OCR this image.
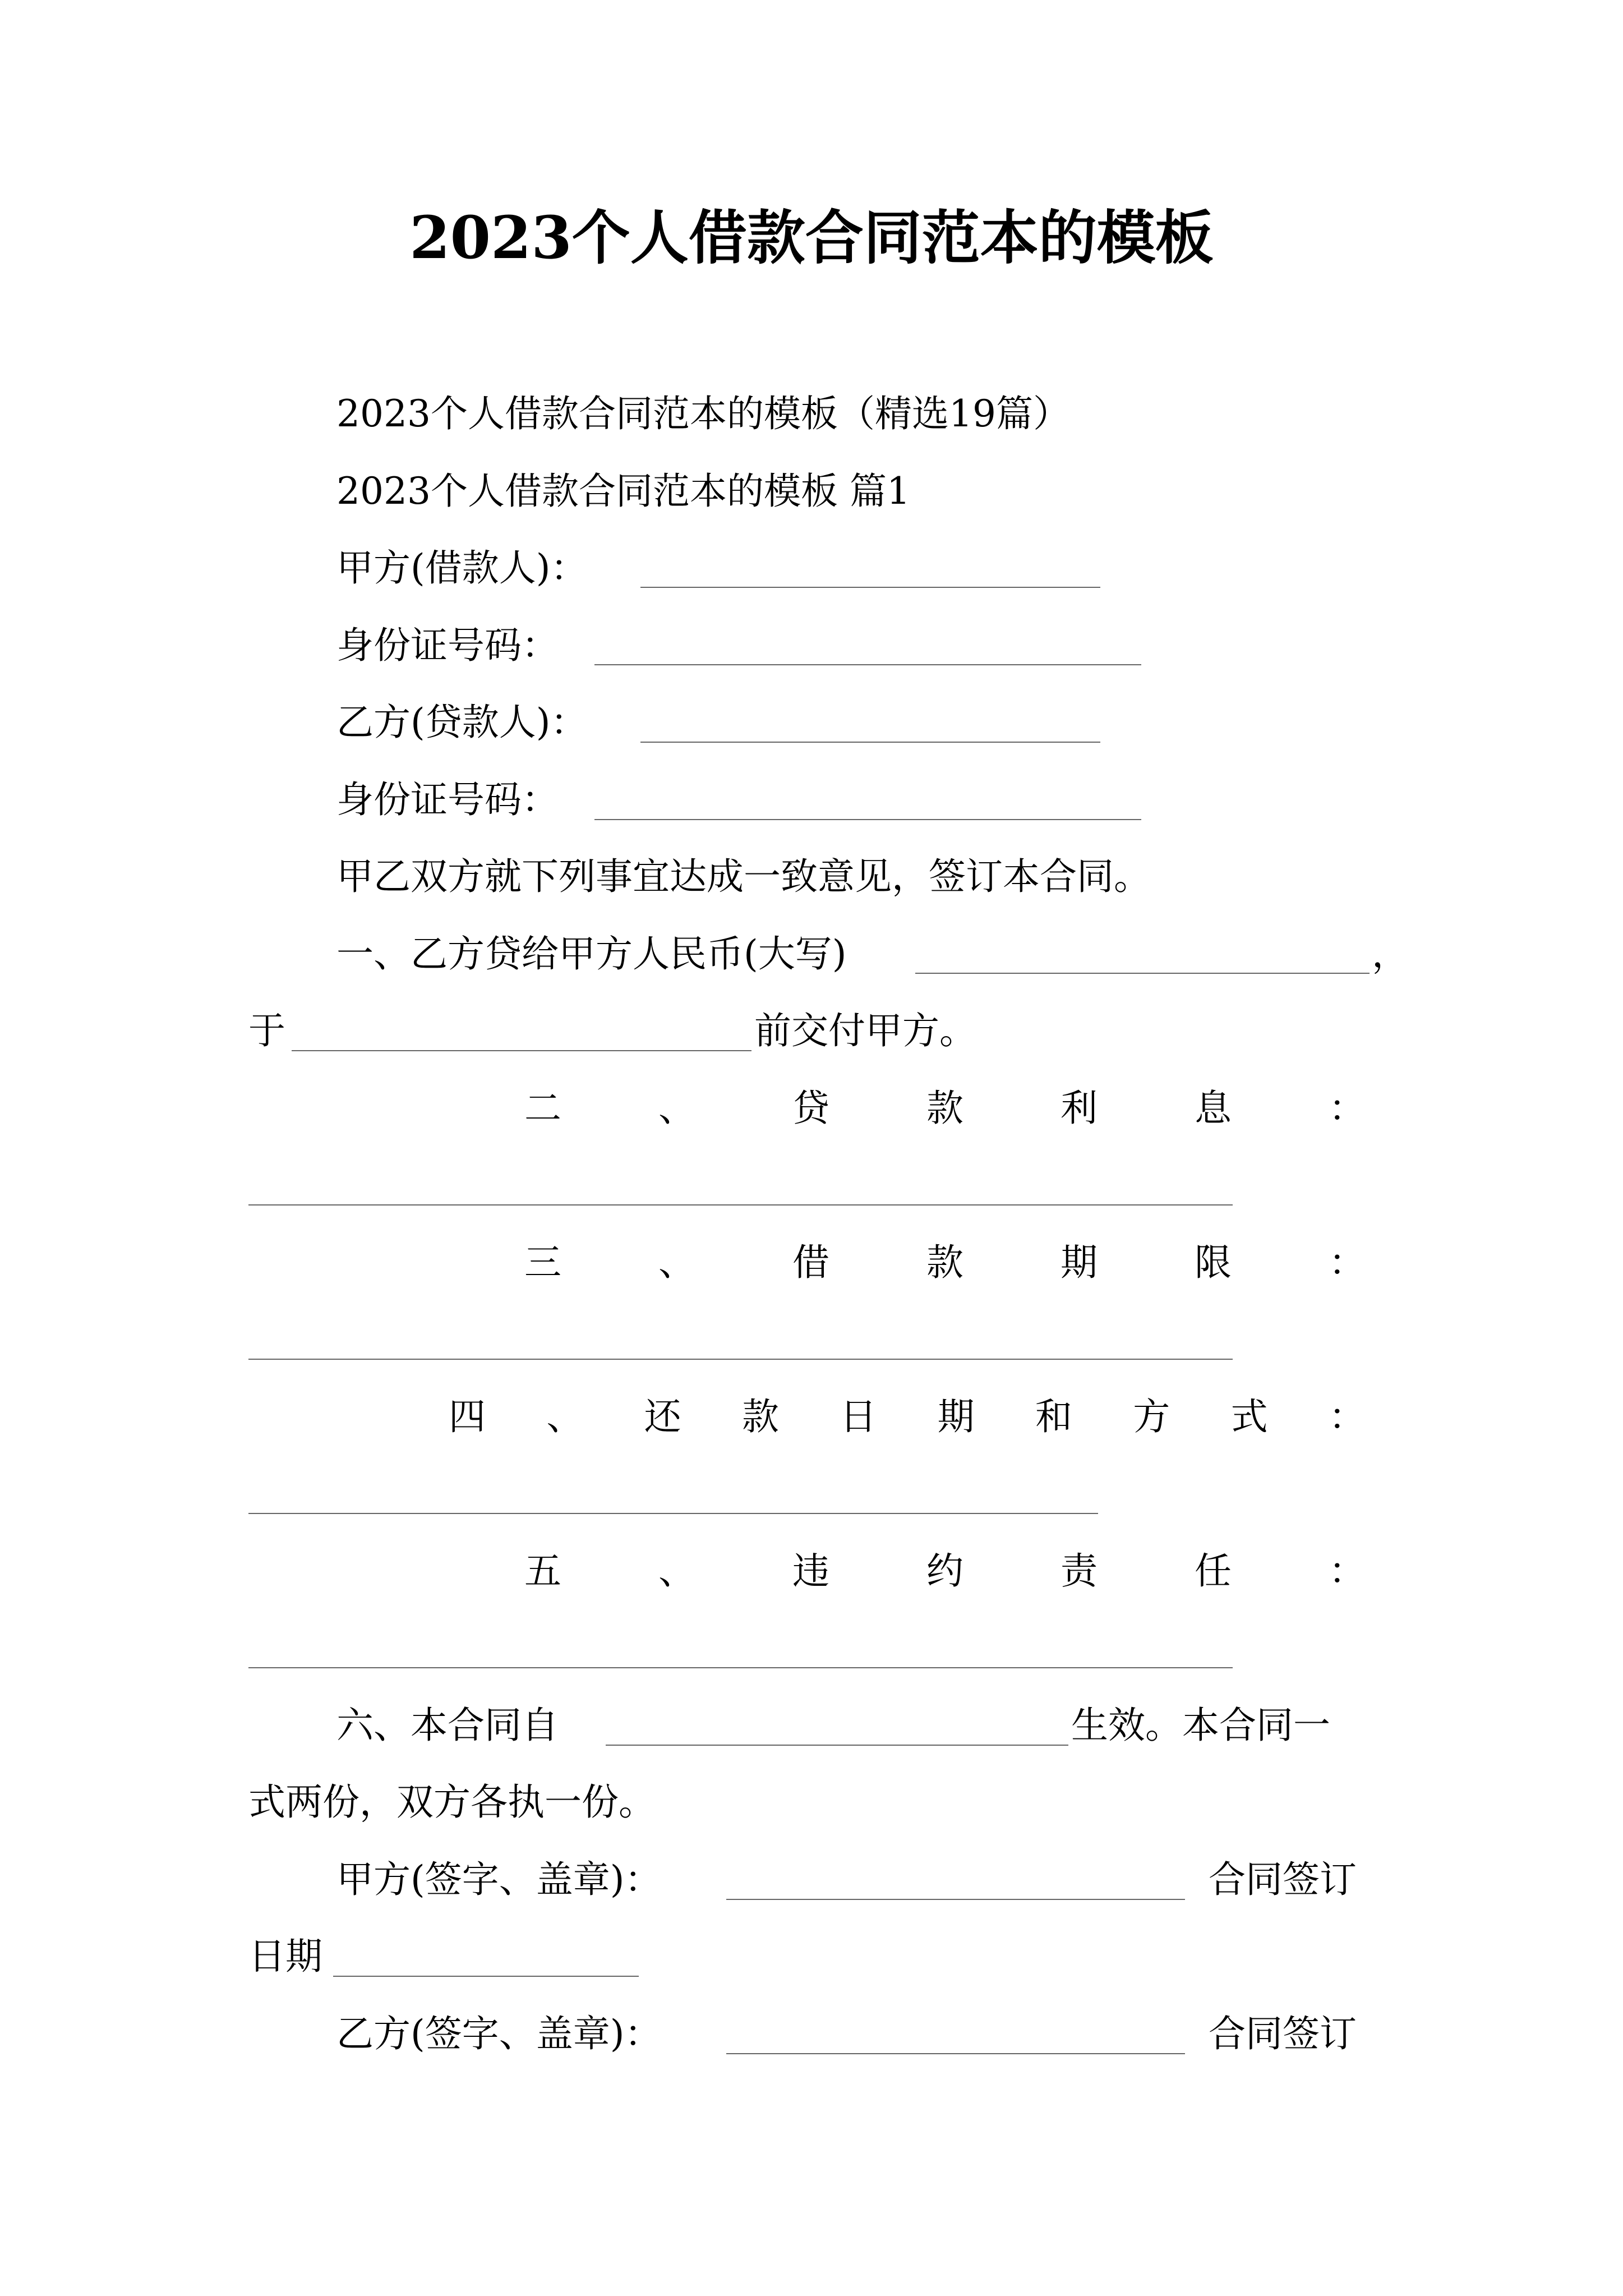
2023个人借款合同范本的模板
2023个人借款合同范本的模板（精选19篇）
2023个人借款合同范本的模板 篇1
甲方(借款人)：
身份证号码：
乙方(贷款人)：
身份证号码：
甲乙双方就下列事宜达成一致意见，签订本合同。
一、乙方贷给甲方人民币(大写)	，
于	前交付甲方。
二	、	贷	款	利	息	：
三	、	借	款	期	限	：
四 、 还 款 日 期 和 方 式 ：
五	、	违	约	责	任	：
六、本合同自	生效。本合同一
式两份，双方各执一份。
甲方(签字、盖章)：	合同签订
日期
乙方(签字、盖章)：	合同签订
